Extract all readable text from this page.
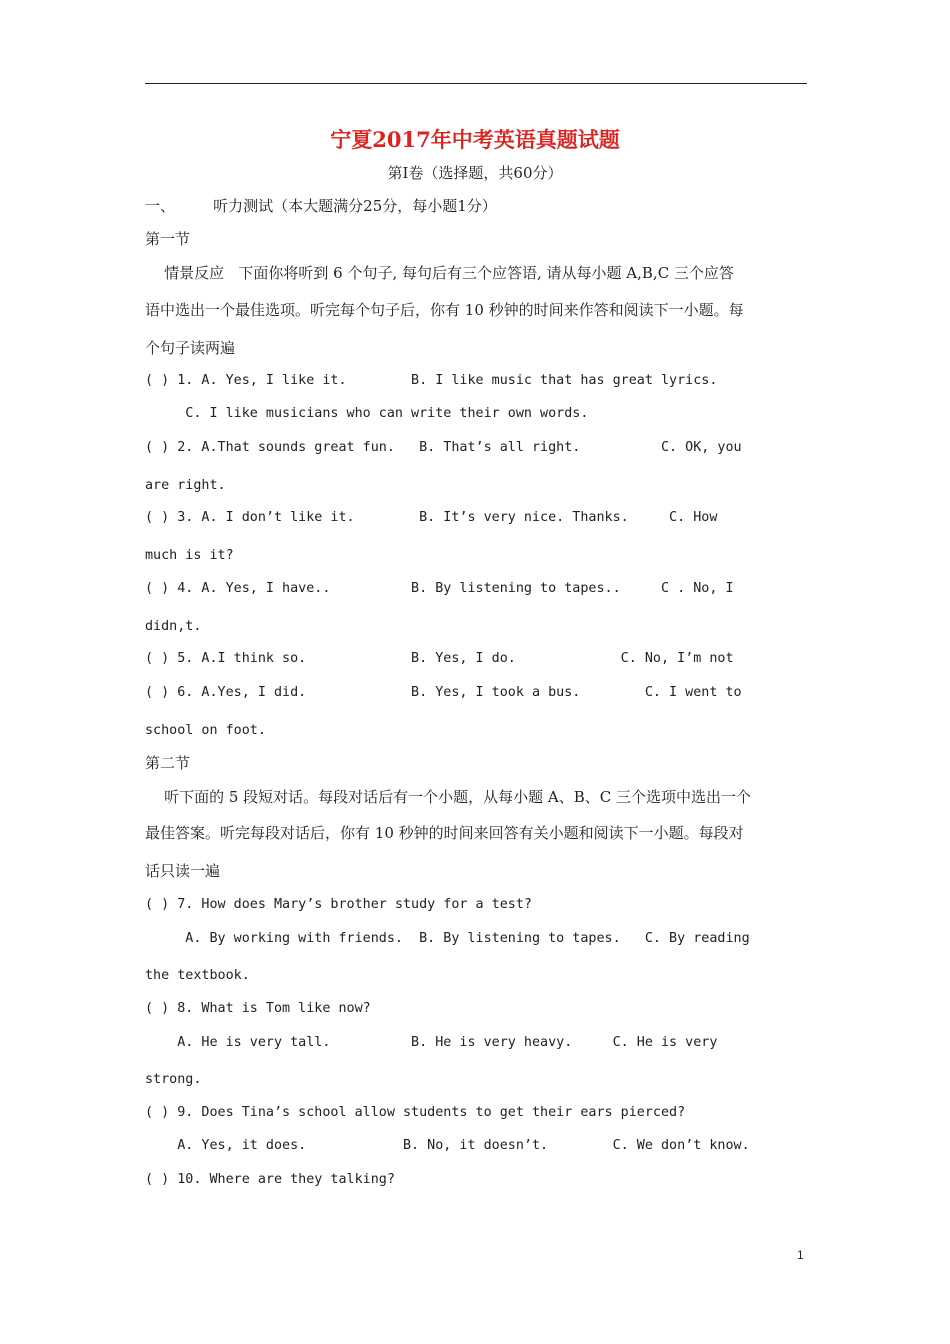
宁夏2017年中考英语真题试题
第Ⅰ卷（选择题，共60分）
一、        听力测试（本大题满分25分，每小题1分）
第一节
情景反应   下面你将听到 6 个句子, 每句后有三个应答语, 请从每小题 A,B,C 三个应答
语中选出一个最佳选项。听完每个句子后，你有 10 秒钟的时间来作答和阅读下一小题。每
个句子读两遍
( ) 1. A. Yes, I like it.        B. I like music that has great lyrics.
C. I like musicians who can write their own words.
( ) 2. A.That sounds great fun.   B. That’s all right.          C. OK, you
are right.
( ) 3. A. I don’t like it.        B. It’s very nice. Thanks.     C. How
much is it?
( ) 4. A. Yes, I have..          B. By listening to tapes..     C . No, I
didn,t.
( ) 5. A.I think so.             B. Yes, I do.             C. No, I’m not
( ) 6. A.Yes, I did.             B. Yes, I took a bus.        C. I went to
school on foot.
第二节
听下面的 5 段短对话。每段对话后有一个小题，从每小题 A、B、C 三个选项中选出一个
最佳答案。听完每段对话后，你有 10 秒钟的时间来回答有关小题和阅读下一小题。每段对
话只读一遍
( ) 7. How does Mary’s brother study for a test?
A. By working with friends.  B. By listening to tapes.   C. By reading
the textbook.
( ) 8. What is Tom like now?
A. He is very tall.          B. He is very heavy.     C. He is very
strong.
( ) 9. Does Tina’s school allow students to get their ears pierced?
A. Yes, it does.            B. No, it doesn’t.        C. We don’t know.
( ) 10. Where are they talking?
1
